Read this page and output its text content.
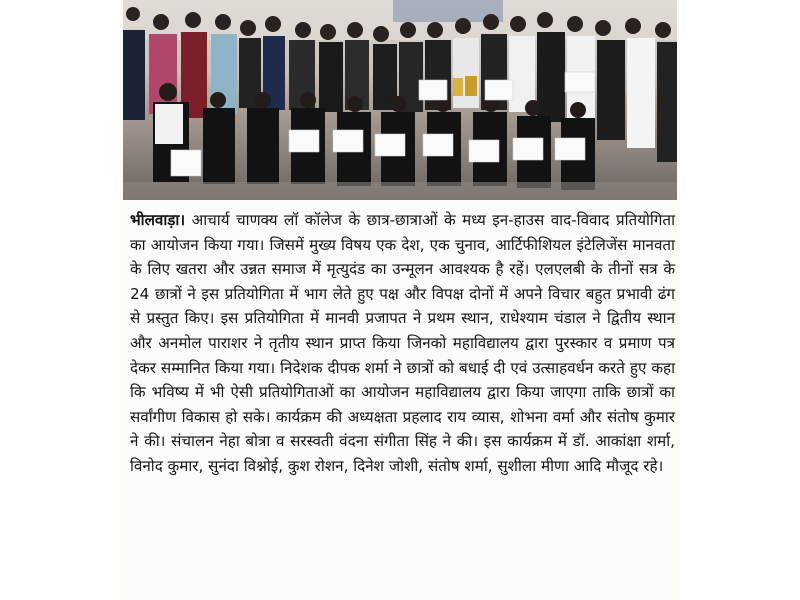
भीलवाड़ा। आचार्य चाणक्य लॉ कॉलेज के छात्र-छात्राओं के मध्य इन-हाउस वाद-विवाद प्रतियोगिता का आयोजन किया गया। जिसमें मुख्य विषय एक देश, एक चुनाव, आर्टिफीशियल इंटेलिजेंस मानवता के लिए खतरा और उन्नत समाज में मृत्युदंड का उन्मूलन आवश्यक है रहें। एलएलबी के तीनों सत्र के 24 छात्रों ने इस प्रतियोगिता में भाग लेते हुए पक्ष और विपक्ष दोनों में अपने विचार बहुत प्रभावी ढंग से प्रस्तुत किए। इस प्रतियोगिता में मानवी प्रजापत ने प्रथम स्थान, राधेश्याम चंडाल ने द्वितीय स्थान और अनमोल पाराशर ने तृतीय स्थान प्राप्त किया जिनको महाविद्यालय द्वारा पुरस्कार व प्रमाण पत्र देकर सम्मानित किया गया। निदेशक दीपक शर्मा ने छात्रों को बधाई दी एवं उत्साहवर्धन करते हुए कहा कि भविष्य में भी ऐसी प्रतियोगिताओं का आयोजन महाविद्यालय द्वारा किया जाएगा ताकि छात्रों का सर्वांगीण विकास हो सके। कार्यक्रम की अध्यक्षता प्रहलाद राय व्यास, शोभना वर्मा और संतोष कुमार ने की। संचालन नेहा बोत्रा व सरस्वती वंदना संगीता सिंह ने की। इस कार्यक्रम में डॉ. आकांक्षा शर्मा, विनोद कुमार, सुनंदा विश्नोई, कुश रोशन, दिनेश जोशी, संतोष शर्मा, सुशीला मीणा आदि मौजूद रहे।
